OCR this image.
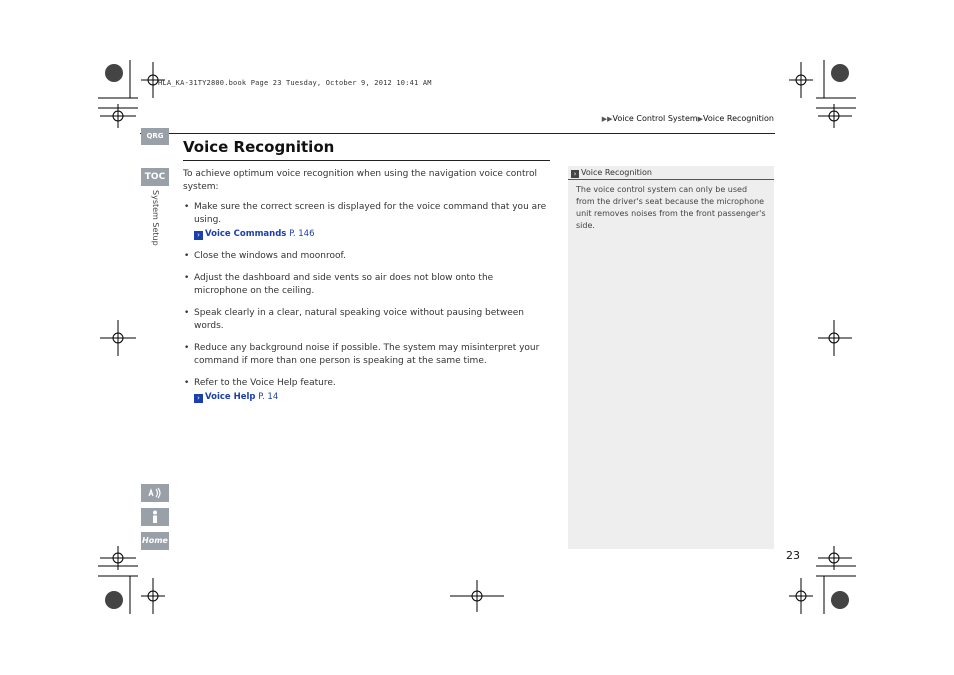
HLA_KA-31TY2800.book Page 23 Tuesday, October 9, 2012 10:41 AM
▶▶Voice Control System▶Voice Recognition
QRG
TOC
System Setup
Voice Recognition

To achieve optimum voice recognition when using the navigation voice control system:

• Make sure the correct screen is displayed for the voice command that you are using.
› Voice Commands P. 146
• Close the windows and moonroof.
• Adjust the dashboard and side vents so air does not blow onto the microphone on the ceiling.
• Speak clearly in a clear, natural speaking voice without pausing between words.
• Reduce any background noise if possible. The system may misinterpret your command if more than one person is speaking at the same time.
• Refer to the Voice Help feature.
› Voice Help P. 14
› Voice Recognition
The voice control system can only be used from the driver's seat because the microphone unit removes noises from the front passenger's side.
Home
23
